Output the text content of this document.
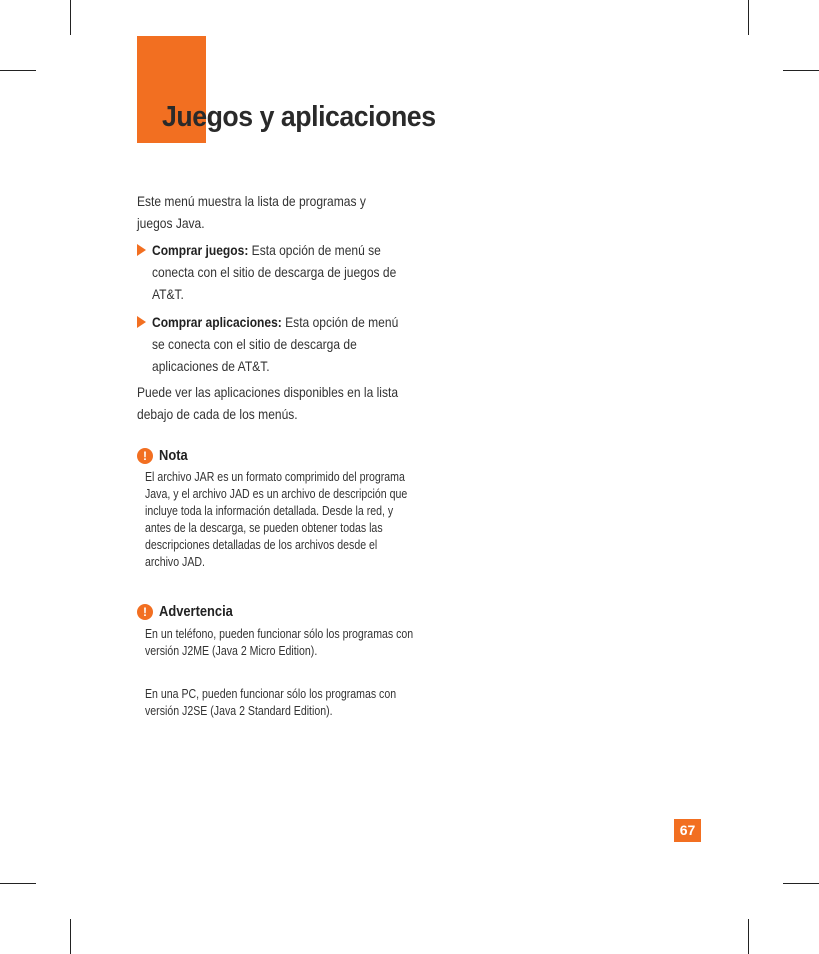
Juegos y aplicaciones

Este menú muestra la lista de programas y juegos Java.

Comprar juegos: Esta opción de menú se conecta con el sitio de descarga de juegos de AT&T.
Comprar aplicaciones: Esta opción de menú se conecta con el sitio de descarga de aplicaciones de AT&T.

Puede ver las aplicaciones disponibles en la lista debajo de cada de los menús.

! Nota

El archivo JAR es un formato comprimido del programa Java, y el archivo JAD es un archivo de descripción que incluye toda la información detallada. Desde la red, y antes de la descarga, se pueden obtener todas las descripciones detalladas de los archivos desde el archivo JAD.

! Advertencia

En un teléfono, pueden funcionar sólo los programas con versión J2ME (Java 2 Micro Edition).

En una PC, pueden funcionar sólo los programas con versión J2SE (Java 2 Standard Edition).

67
